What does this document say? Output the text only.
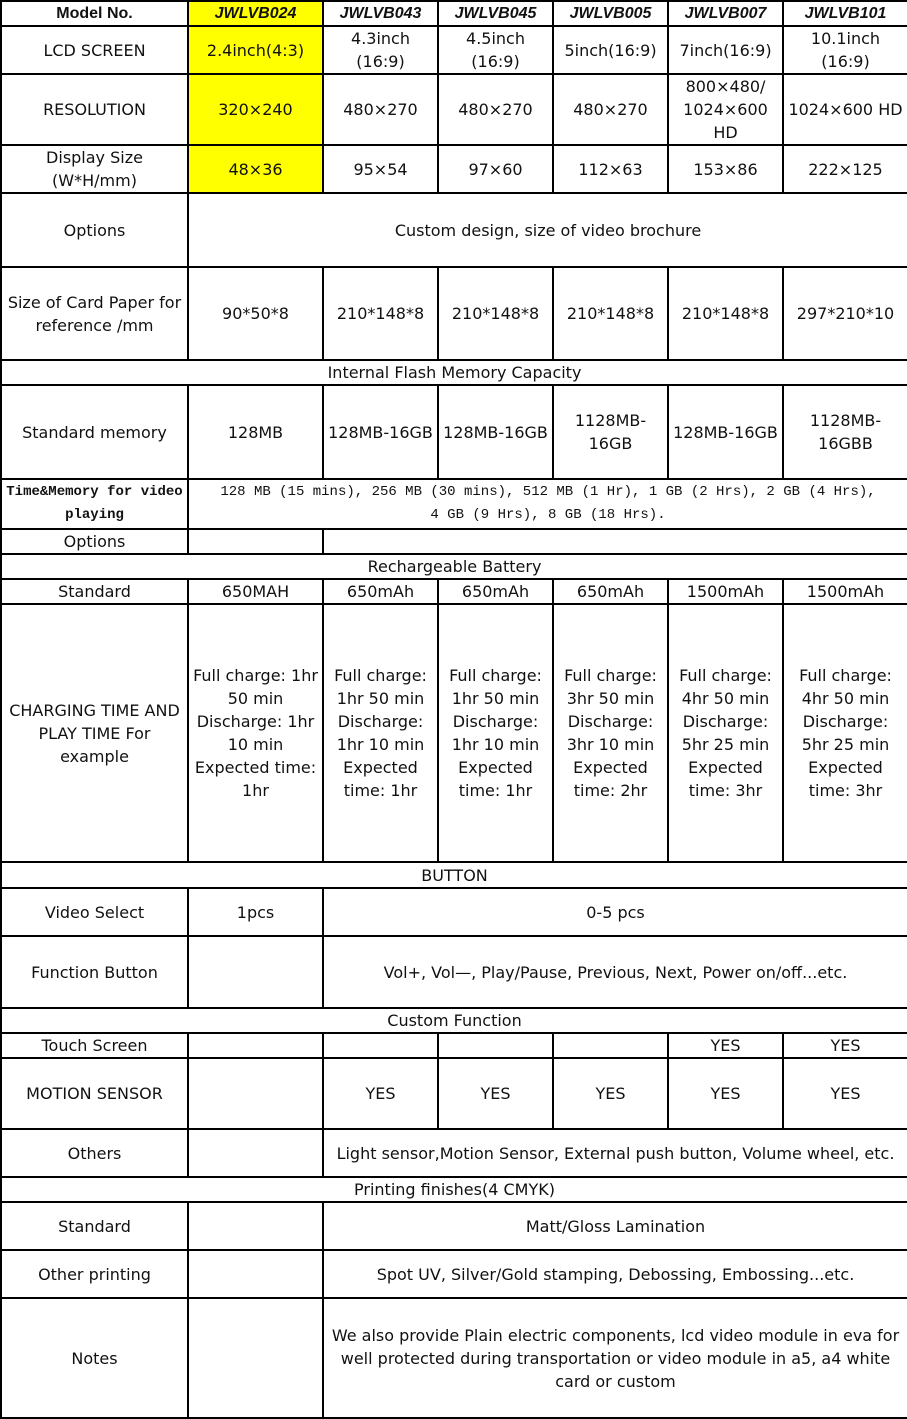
Model No.	JWLVB024	JWLVB043	JWLVB045	JWLVB005	JWLVB007	JWLVB101
LCD SCREEN	2.4inch(4:3)	4.3inch (16:9)	4.5inch (16:9)	5inch(16:9)	7inch(16:9)	10.1inch (16:9)
RESOLUTION	320×240	480×270	480×270	480×270	800×480/ 1024×600 HD	1024×600 HD
Display Size (W*H/mm)	48×36	95×54	97×60	112×63	153×86	222×125
Options	Custom design, size of video brochure					
Size of Card Paper for reference /mm	90*50*8	210*148*8	210*148*8	210*148*8	210*148*8	297*210*10
Internal Flash Memory Capacity						
Standard memory	128MB	128MB-16GB	128MB-16GB	1128MB-16GB	128MB-16GB	1128MB-16GBB
Time&Memory for video playing	128 MB (15 mins), 256 MB (30 mins), 512 MB (1 Hr), 1 GB (2 Hrs), 2 GB (4 Hrs),
4 GB (9 Hrs), 8 GB (18 Hrs).					

Options						
Rechargeable Battery						
Standard	650MAH	650mAh	650mAh	650mAh	1500mAh	1500mAh
CHARGING TIME AND PLAY TIME For example	Full charge: 1hr 50 min Discharge: 1hr 10 min Expected time: 1hr	Full charge: 1hr 50 min Discharge: 1hr 10 min Expected time: 1hr	Full charge: 1hr 50 min Discharge: 1hr 10 min Expected time: 1hr	Full charge: 3hr 50 min Discharge: 3hr 10 min Expected time: 2hr	Full charge: 4hr 50 min Discharge: 5hr 25 min Expected time: 3hr	Full charge: 4hr 50 min Discharge: 5hr 25 min Expected time: 3hr
BUTTON						
Video Select	1pcs	0-5 pcs				
Function Button		Vol+, Vol—, Play/Pause, Previous, Next, Power on/off...etc.				
Custom Function						
Touch Screen					YES	YES
MOTION SENSOR		YES	YES	YES	YES	YES
Others		Light sensor,Motion Sensor, External push button, Volume wheel, etc.				
Printing finishes(4 CMYK)						
Standard		Matt/Gloss Lamination				
Other printing		Spot UV, Silver/Gold stamping, Debossing, Embossing...etc.				
Notes		We also provide Plain electric components, lcd video module in eva for well protected during transportation or video module in a5, a4 white card or custom				
